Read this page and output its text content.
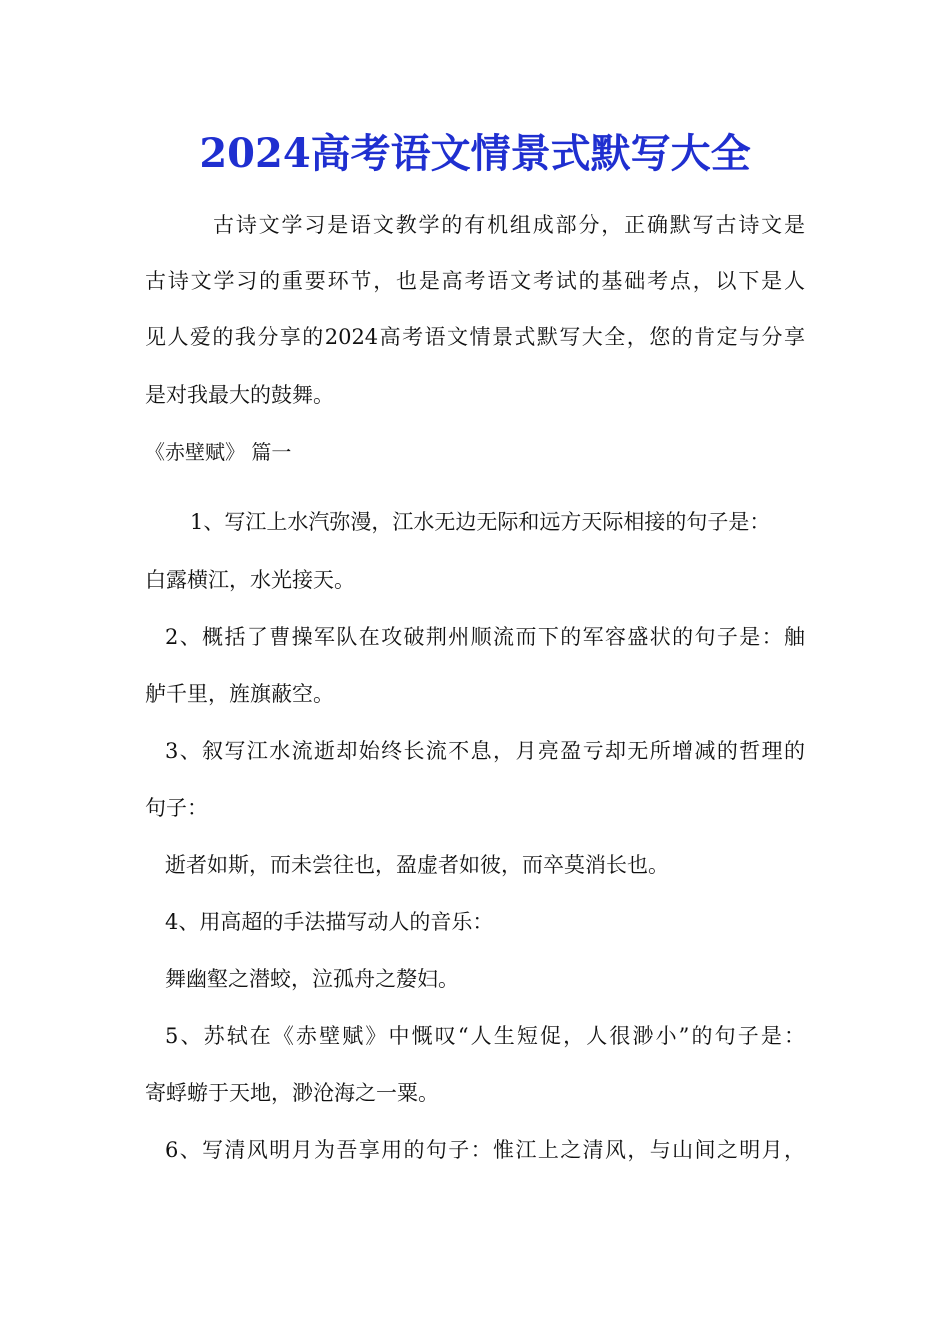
2024高考语文情景式默写大全
古诗文学习是语文教学的有机组成部分，正确默写古诗文是
古诗文学习的重要环节，也是高考语文考试的基础考点，以下是人
见人爱的我分享的2024高考语文情景式默写大全，您的肯定与分享
是对我最大的鼓舞。
《赤壁赋》 篇一
1、写江上水汽弥漫，江水无边无际和远方天际相接的句子是：
白露横江，水光接天。
2、概括了曹操军队在攻破荆州顺流而下的军容盛状的句子是：舳
舻千里，旌旗蔽空。
3、叙写江水流逝却始终长流不息，月亮盈亏却无所增减的哲理的
句子：
逝者如斯，而未尝往也，盈虚者如彼，而卒莫消长也。
4、用高超的手法描写动人的音乐：
舞幽壑之潜蛟，泣孤舟之嫠妇。
5、苏轼在《赤壁赋》中慨叹“人生短促，人很渺小”的句子是：
寄蜉蝣于天地，渺沧海之一粟。
6、写清风明月为吾享用的句子：惟江上之清风，与山间之明月，
